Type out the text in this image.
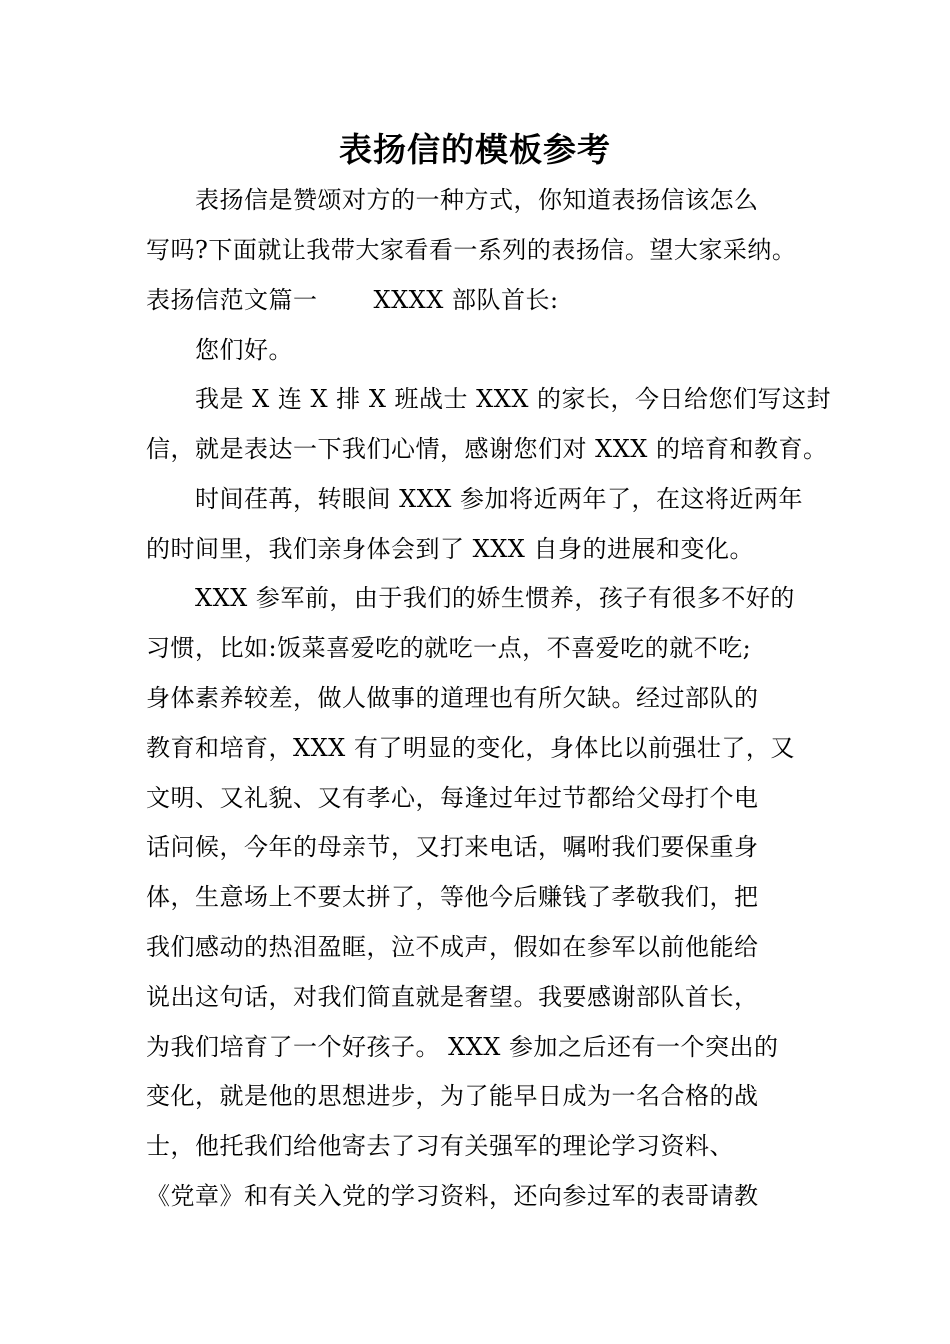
表扬信的模板参考
表扬信是赞颂对方的一种方式，你知道表扬信该怎么
写吗?下面就让我带大家看看一系列的表扬信。望大家采纳。
表扬信范文篇一 XXXX 部队首长:
您们好。
我是 X 连 X 排 X 班战士 XXX 的家长，今日给您们写这封
信，就是表达一下我们心情，感谢您们对 XXX 的培育和教育。
时间荏苒，转眼间 XXX 参加将近两年了，在这将近两年
的时间里，我们亲身体会到了 XXX 自身的进展和变化。
XXX 参军前，由于我们的娇生惯养，孩子有很多不好的
习惯，比如:饭菜喜爱吃的就吃一点，不喜爱吃的就不吃;
身体素养较差，做人做事的道理也有所欠缺。经过部队的
教育和培育，XXX 有了明显的变化，身体比以前强壮了，又
文明、又礼貌、又有孝心，每逢过年过节都给父母打个电
话问候，今年的母亲节，又打来电话，嘱咐我们要保重身
体，生意场上不要太拼了，等他今后赚钱了孝敬我们，把
我们感动的热泪盈眶，泣不成声，假如在参军以前他能给
说出这句话，对我们简直就是奢望。我要感谢部队首长，
为我们培育了一个好孩子。 XXX 参加之后还有一个突出的
变化，就是他的思想进步，为了能早日成为一名合格的战
士，他托我们给他寄去了习有关强军的理论学习资料、
《党章》和有关入党的学习资料，还向参过军的表哥请教
